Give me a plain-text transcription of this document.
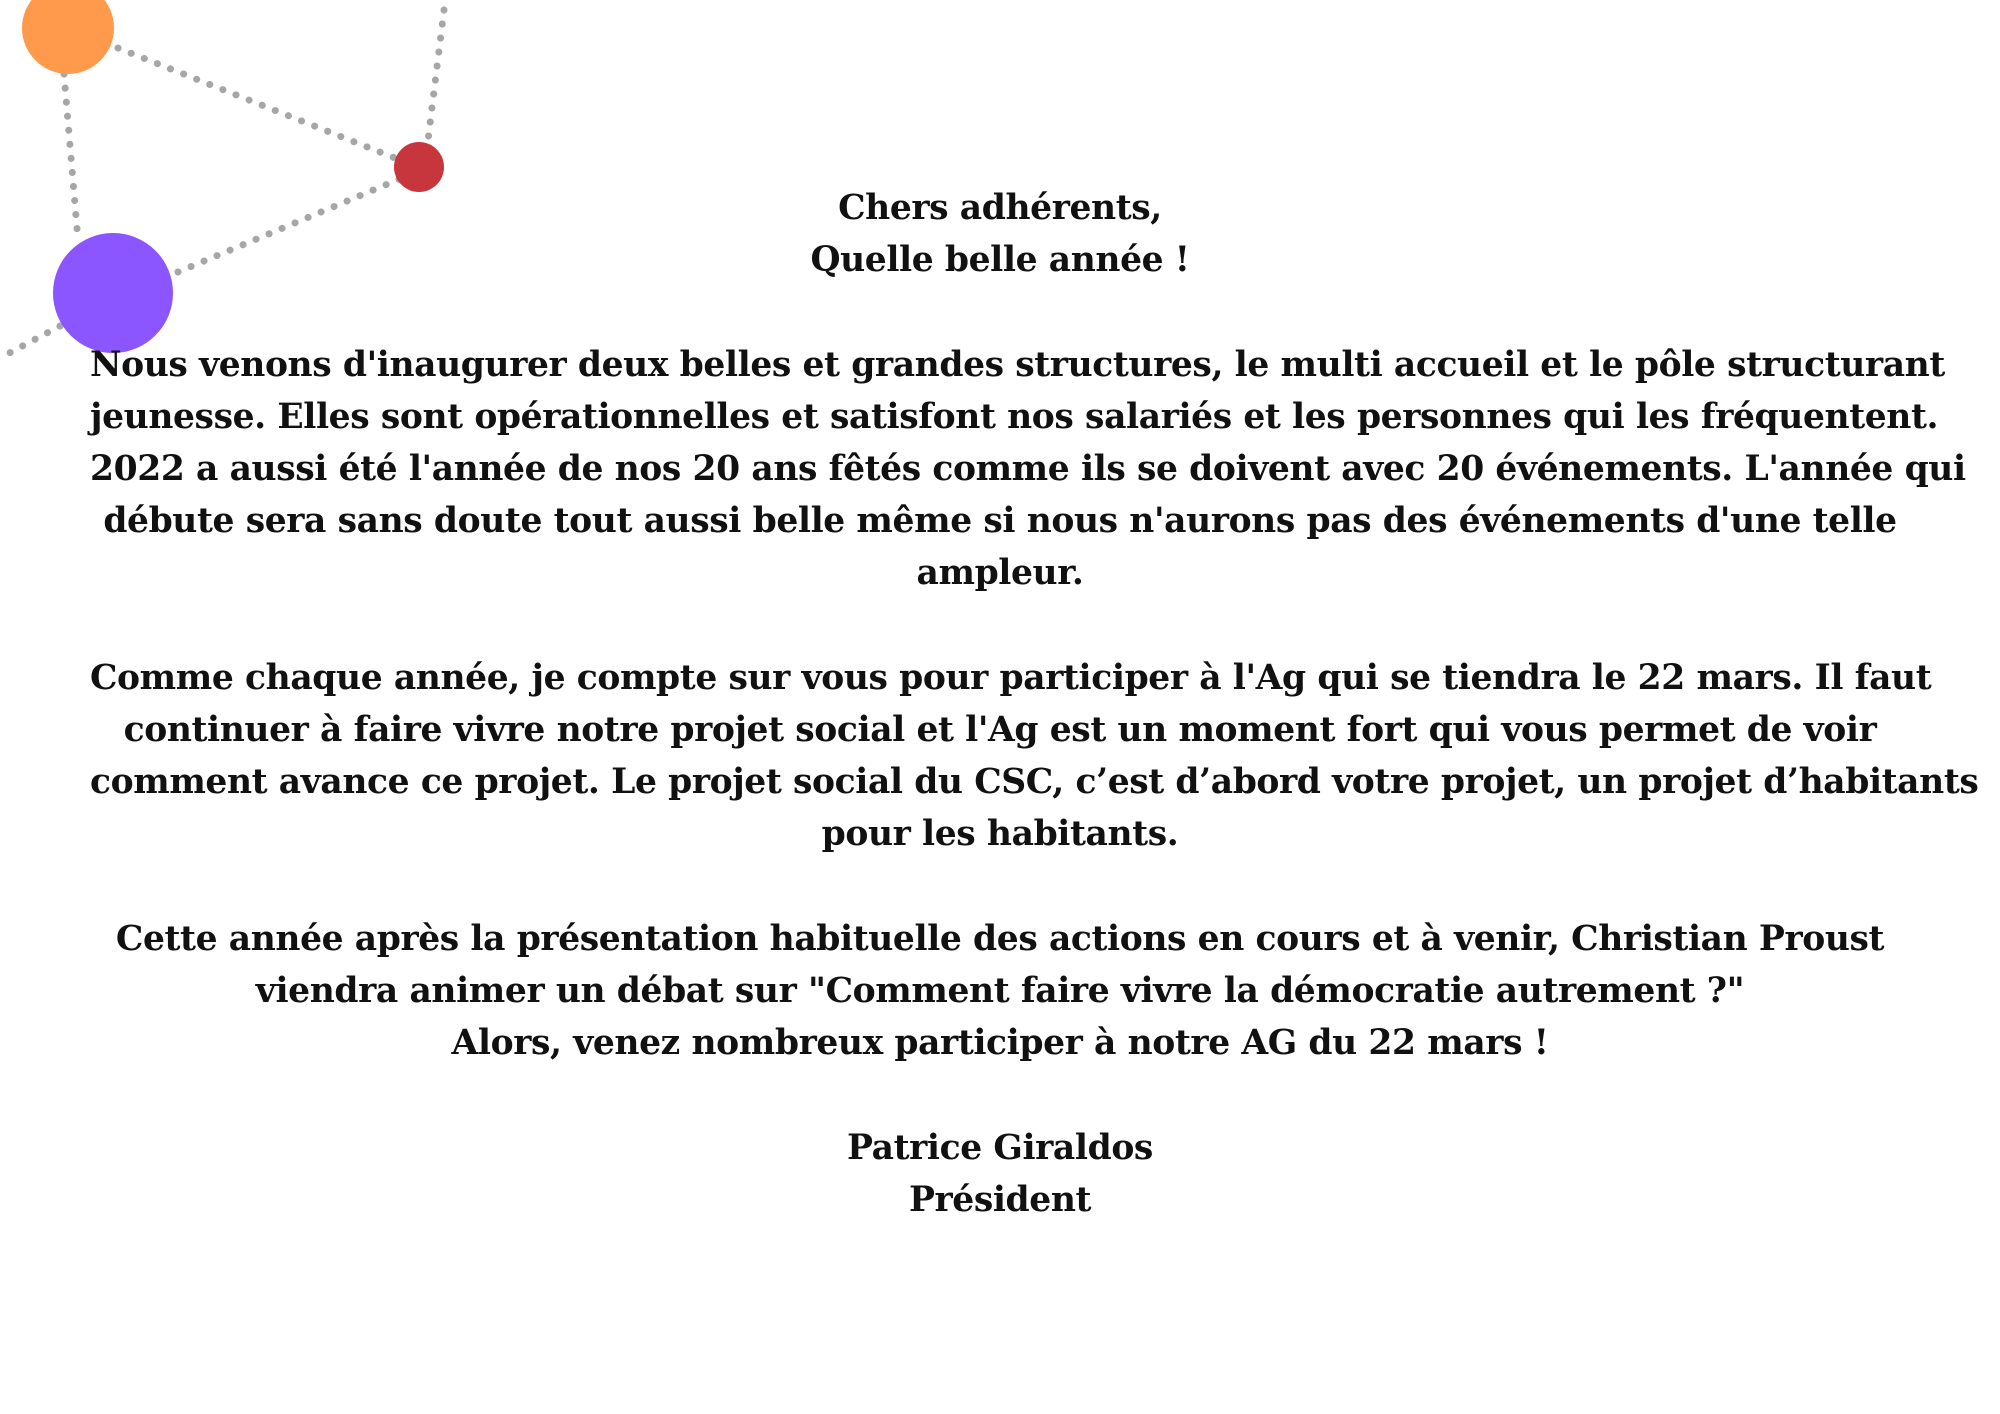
Chers adhérents,

Quelle belle année !

Nous venons d'inaugurer deux belles et grandes structures, le multi accueil et le pôle structurant
jeunesse. Elles sont opérationnelles et satisfont nos salariés et les personnes qui les fréquentent.
2022 a aussi été l'année de nos 20 ans fêtés comme ils se doivent avec 20 événements. L'année qui
débute sera sans doute tout aussi belle même si nous n'aurons pas des événements d'une telle
ampleur.

Comme chaque année, je compte sur vous pour participer à l'Ag qui se tiendra le 22 mars. Il faut
continuer à faire vivre notre projet social et l'Ag est un moment fort qui vous permet de voir
comment avance ce projet. Le projet social du CSC, c’est d’abord votre projet, un projet d’habitants
pour les habitants.

Cette année après la présentation habituelle des actions en cours et à venir, Christian Proust
viendra animer un débat sur "Comment faire vivre la démocratie autrement ?"
Alors, venez nombreux participer à notre AG du 22 mars !

Patrice Giraldos

Président
